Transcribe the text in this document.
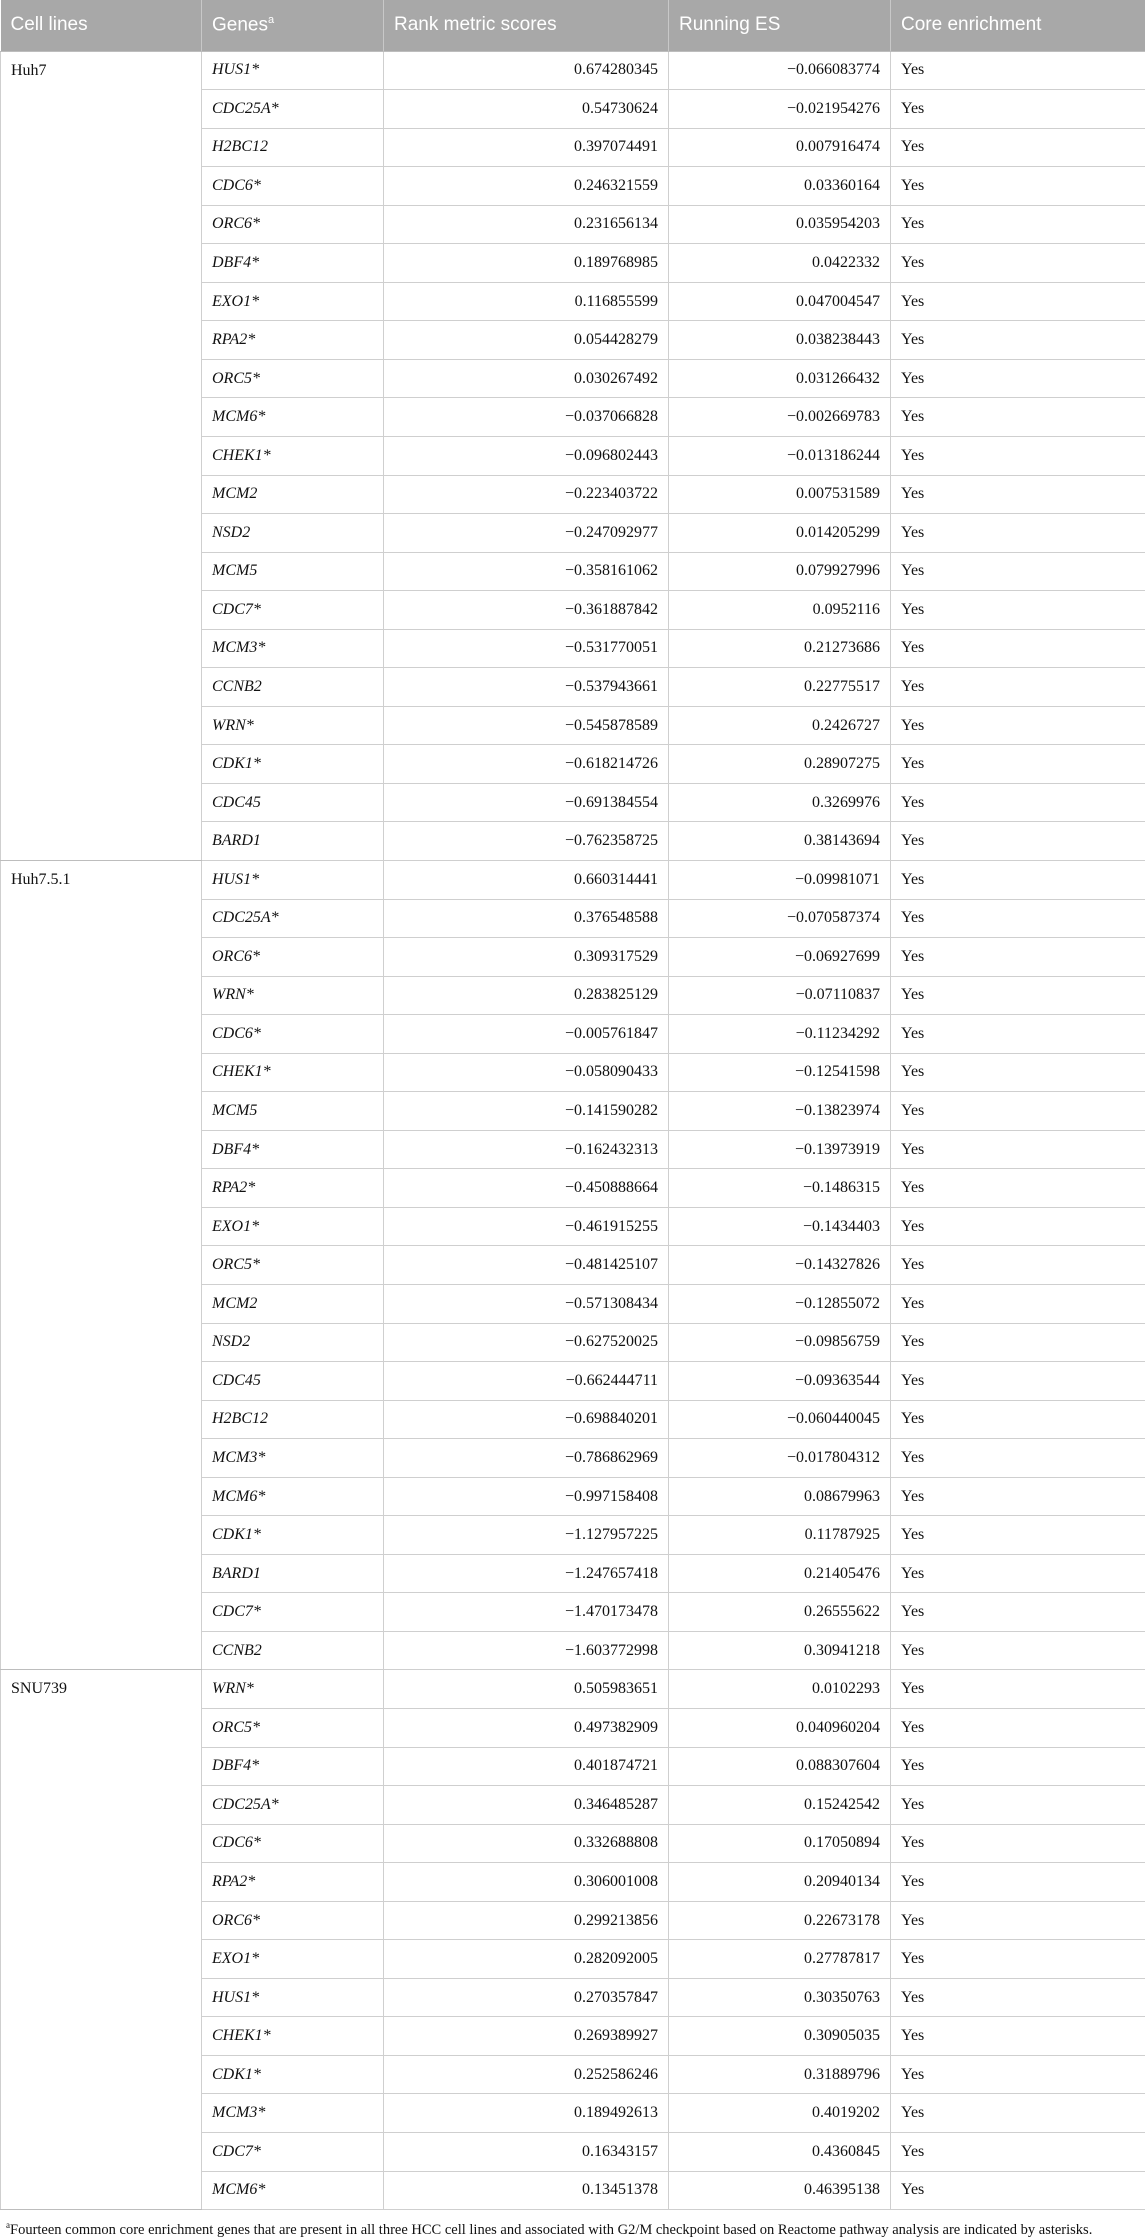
Cell lines	Genes$^a$	Rank metric scores	Running ES	Core enrichment
Huh7	HUS1*	0.674280345	−0.066083774	Yes
	CDC25A*	0.54730624	−0.021954276	Yes
	H2BC12	0.397074491	0.007916474	Yes
	CDC6*	0.246321559	0.03360164	Yes
	ORC6*	0.231656134	0.035954203	Yes
	DBF4*	0.189768985	0.0422332	Yes
	EXO1*	0.116855599	0.047004547	Yes
	RPA2*	0.054428279	0.038238443	Yes
	ORC5*	0.030267492	0.031266432	Yes
	MCM6*	−0.037066828	−0.002669783	Yes
	CHEK1*	−0.096802443	−0.013186244	Yes
	MCM2	−0.223403722	0.007531589	Yes
	NSD2	−0.247092977	0.014205299	Yes
	MCM5	−0.358161062	0.079927996	Yes
	CDC7*	−0.361887842	0.0952116	Yes
	MCM3*	−0.531770051	0.21273686	Yes
	CCNB2	−0.537943661	0.22775517	Yes
	WRN*	−0.545878589	0.2426727	Yes
	CDK1*	−0.618214726	0.28907275	Yes
	CDC45	−0.691384554	0.3269976	Yes
	BARD1	−0.762358725	0.38143694	Yes
Huh7.5.1	HUS1*	0.660314441	−0.09981071	Yes
	CDC25A*	0.376548588	−0.070587374	Yes
	ORC6*	0.309317529	−0.06927699	Yes
	WRN*	0.283825129	−0.07110837	Yes
	CDC6*	−0.005761847	−0.11234292	Yes
	CHEK1*	−0.058090433	−0.12541598	Yes
	MCM5	−0.141590282	−0.13823974	Yes
	DBF4*	−0.162432313	−0.13973919	Yes
	RPA2*	−0.450888664	−0.1486315	Yes
	EXO1*	−0.461915255	−0.1434403	Yes
	ORC5*	−0.481425107	−0.14327826	Yes
	MCM2	−0.571308434	−0.12855072	Yes
	NSD2	−0.627520025	−0.09856759	Yes
	CDC45	−0.662444711	−0.09363544	Yes
	H2BC12	−0.698840201	−0.060440045	Yes
	MCM3*	−0.786862969	−0.017804312	Yes
	MCM6*	−0.997158408	0.08679963	Yes
	CDK1*	−1.127957225	0.11787925	Yes
	BARD1	−1.247657418	0.21405476	Yes
	CDC7*	−1.470173478	0.26555622	Yes
	CCNB2	−1.603772998	0.30941218	Yes
SNU739	WRN*	0.505983651	0.0102293	Yes
	ORC5*	0.497382909	0.040960204	Yes
	DBF4*	0.401874721	0.088307604	Yes
	CDC25A*	0.346485287	0.15242542	Yes
	CDC6*	0.332688808	0.17050894	Yes
	RPA2*	0.306001008	0.20940134	Yes
	ORC6*	0.299213856	0.22673178	Yes
	EXO1*	0.282092005	0.27787817	Yes
	HUS1*	0.270357847	0.30350763	Yes
	CHEK1*	0.269389927	0.30905035	Yes
	CDK1*	0.252586246	0.31889796	Yes
	MCM3*	0.189492613	0.4019202	Yes
	CDC7*	0.16343157	0.4360845	Yes
	MCM6*	0.13451378	0.46395138	Yes
$^a$Fourteen common core enrichment genes that are present in all three HCC cell lines and associated with G2/M checkpoint based on Reactome pathway analysis are indicated by asterisks.
